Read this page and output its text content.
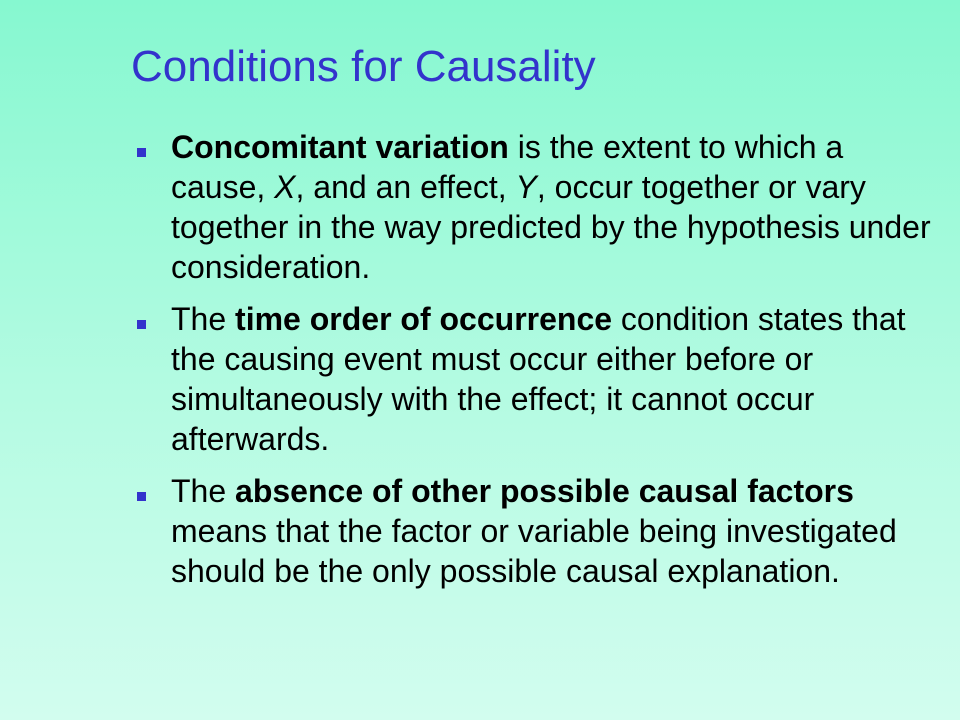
Conditions for Causality
Concomitant variation is the extent to which a cause, X, and an effect, Y, occur together or vary together in the way predicted by the hypothesis under consideration.
The time order of occurrence condition states that the causing event must occur either before or simultaneously with the effect; it cannot occur afterwards.
The absence of other possible causal factors means that the factor or variable being investigated should be the only possible causal explanation.
